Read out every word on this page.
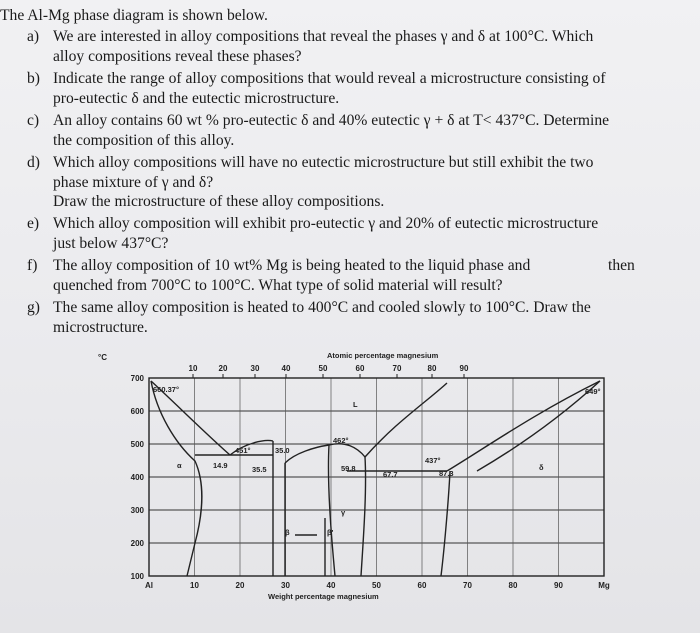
The Al-Mg phase diagram is shown below.
a) We are interested in alloy compositions that reveal the phases γ and δ at 100°C. Which
alloy compositions reveal these phases?
b) Indicate the range of alloy compositions that would reveal a microstructure consisting of
pro-eutectic δ and the eutectic microstructure.
c) An alloy contains 60 wt % pro-eutectic δ and 40% eutectic γ + δ at T< 437°C. Determine
the composition of this alloy.
d) Which alloy compositions will have no eutectic microstructure but still exhibit the two
phase mixture of γ and δ?
Draw the microstructure of these alloy compositions.
e) Which alloy composition will exhibit pro-eutectic γ and 20% of eutectic microstructure
just below 437°C?
f) The alloy composition of 10 wt% Mg is being heated to the liquid phase and	then
quenched from 700°C to 100°C. What type of solid material will result?
g) The same alloy composition is heated to 400°C and cooled slowly to 100°C. Draw the
microstructure.
Atomic percentage magnesium
Weight percentage magnesium
°C
10	20	30	40	50	60	70	80	90
Al	10	20	30	40	50	60	70	80	90	Mg
700
600
500
400
300
200
100
660.37°	649°
L
α	δ
γ
β	β'
451°
462°
437°
14.9
35.0
35.5	59.8
67.7	87.3
